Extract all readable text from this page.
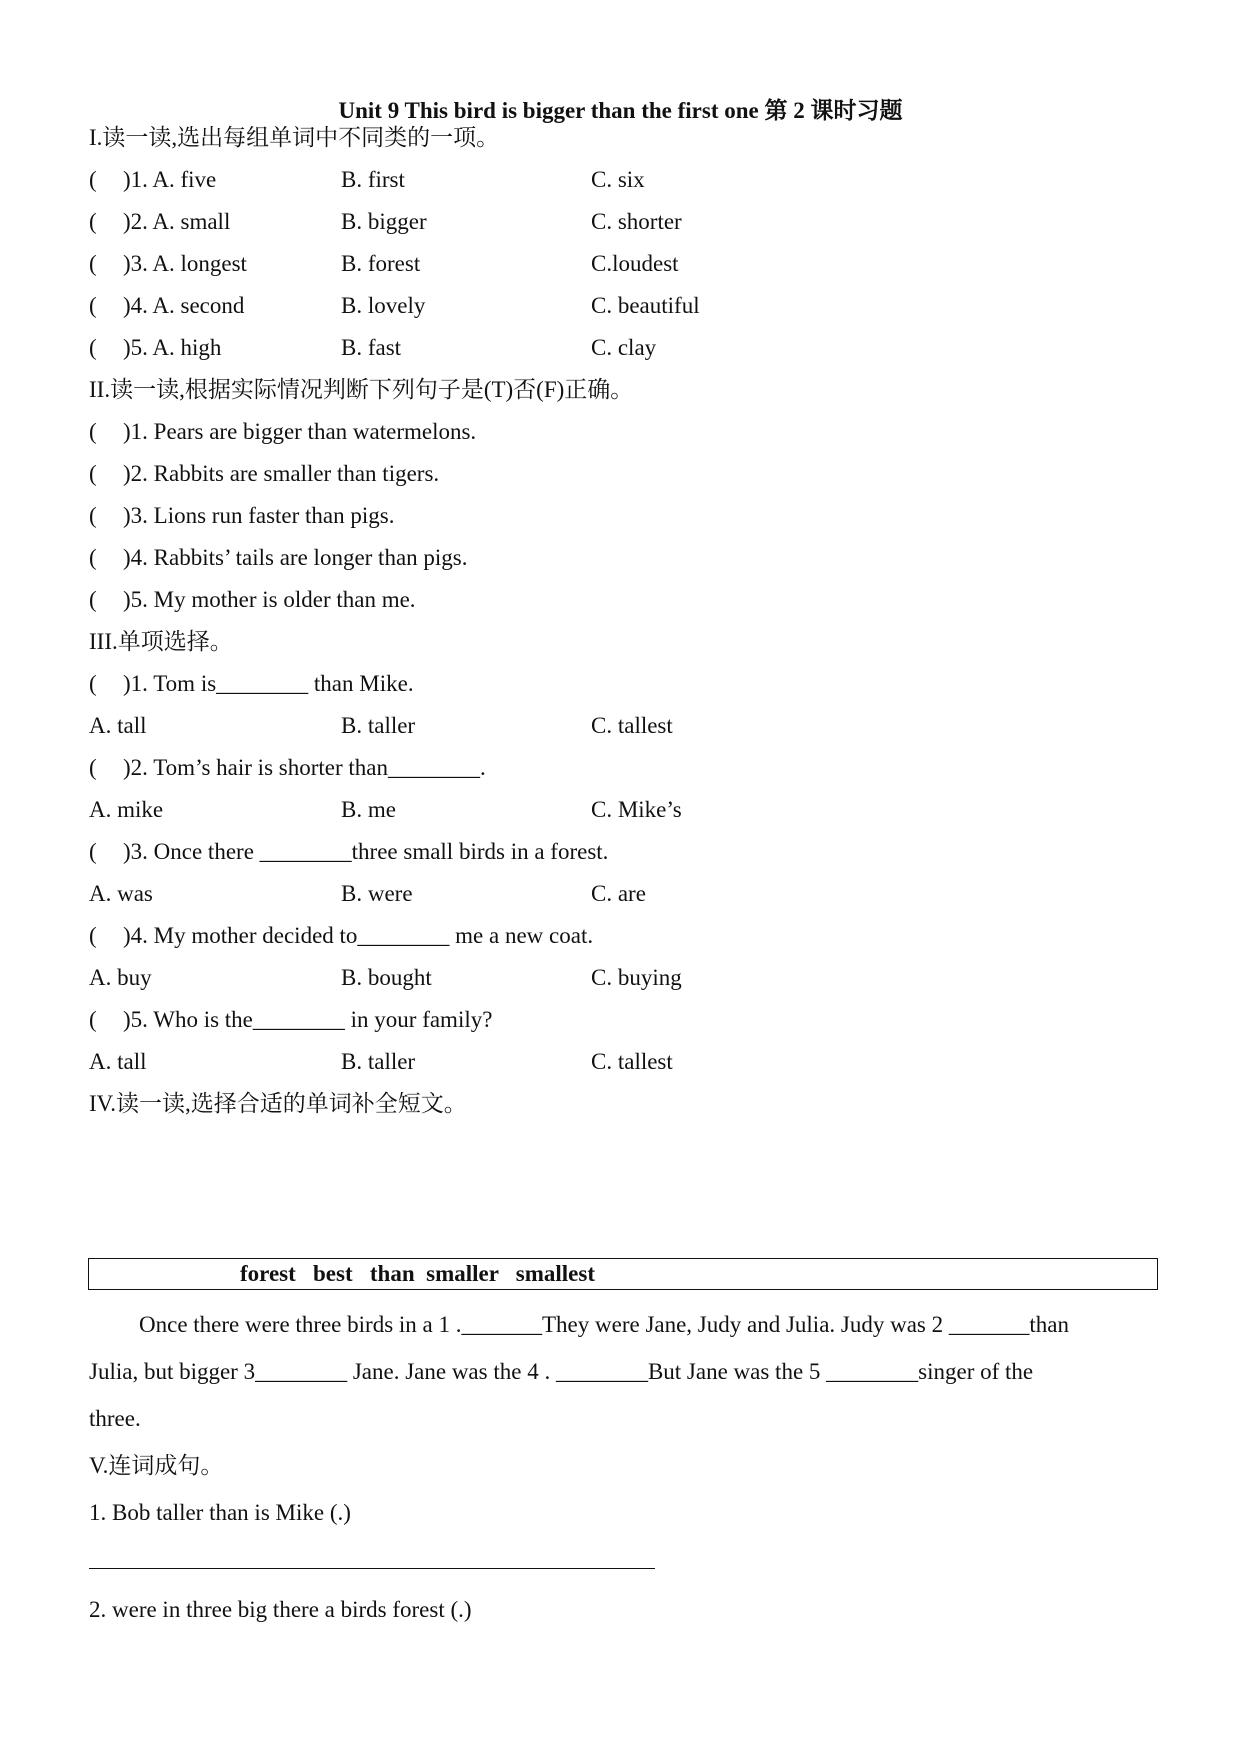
Unit 9 This bird is bigger than the first one 第 2 课时习题
I.读一读,选出每组单词中不同类的一项。
( )1. A. five	B. first	C. six
( )2. A. small	B. bigger	C. shorter
( )3. A. longest	B. forest	C.loudest
( )4. A. second	B. lovely	C. beautiful
( )5. A. high	B. fast	C. clay
II.读一读,根据实际情况判断下列句子是(T)否(F)正确。
( )1. Pears are bigger than watermelons.
( )2. Rabbits are smaller than tigers.
( )3. Lions run faster than pigs.
( )4. Rabbits’ tails are longer than pigs.
( )5. My mother is older than me.
III.单项选择。
( )1. Tom is________ than Mike.
A. tall	B. taller	C. tallest
( )2. Tom’s hair is shorter than________.
A. mike	B. me	C. Mike’s
( )3. Once there ________three small birds in a forest.
A. was	B. were	C. are
( )4. My mother decided to________ me a new coat.
A. buy	B. bought	C. buying
( )5. Who is the________ in your family?
A. tall	B. taller	C. tallest
IV.读一读,选择合适的单词补全短文。
forest   best   than  smaller   smallest
Once there were three birds in a 1 ._______They were Jane, Judy and Julia. Judy was 2 _______than
Julia, but bigger 3________ Jane. Jane was the 4 . ________But Jane was the 5 ________singer of the
three.
V.连词成句。
1. Bob taller than is Mike (.)
2. were in three big there a birds forest (.)
